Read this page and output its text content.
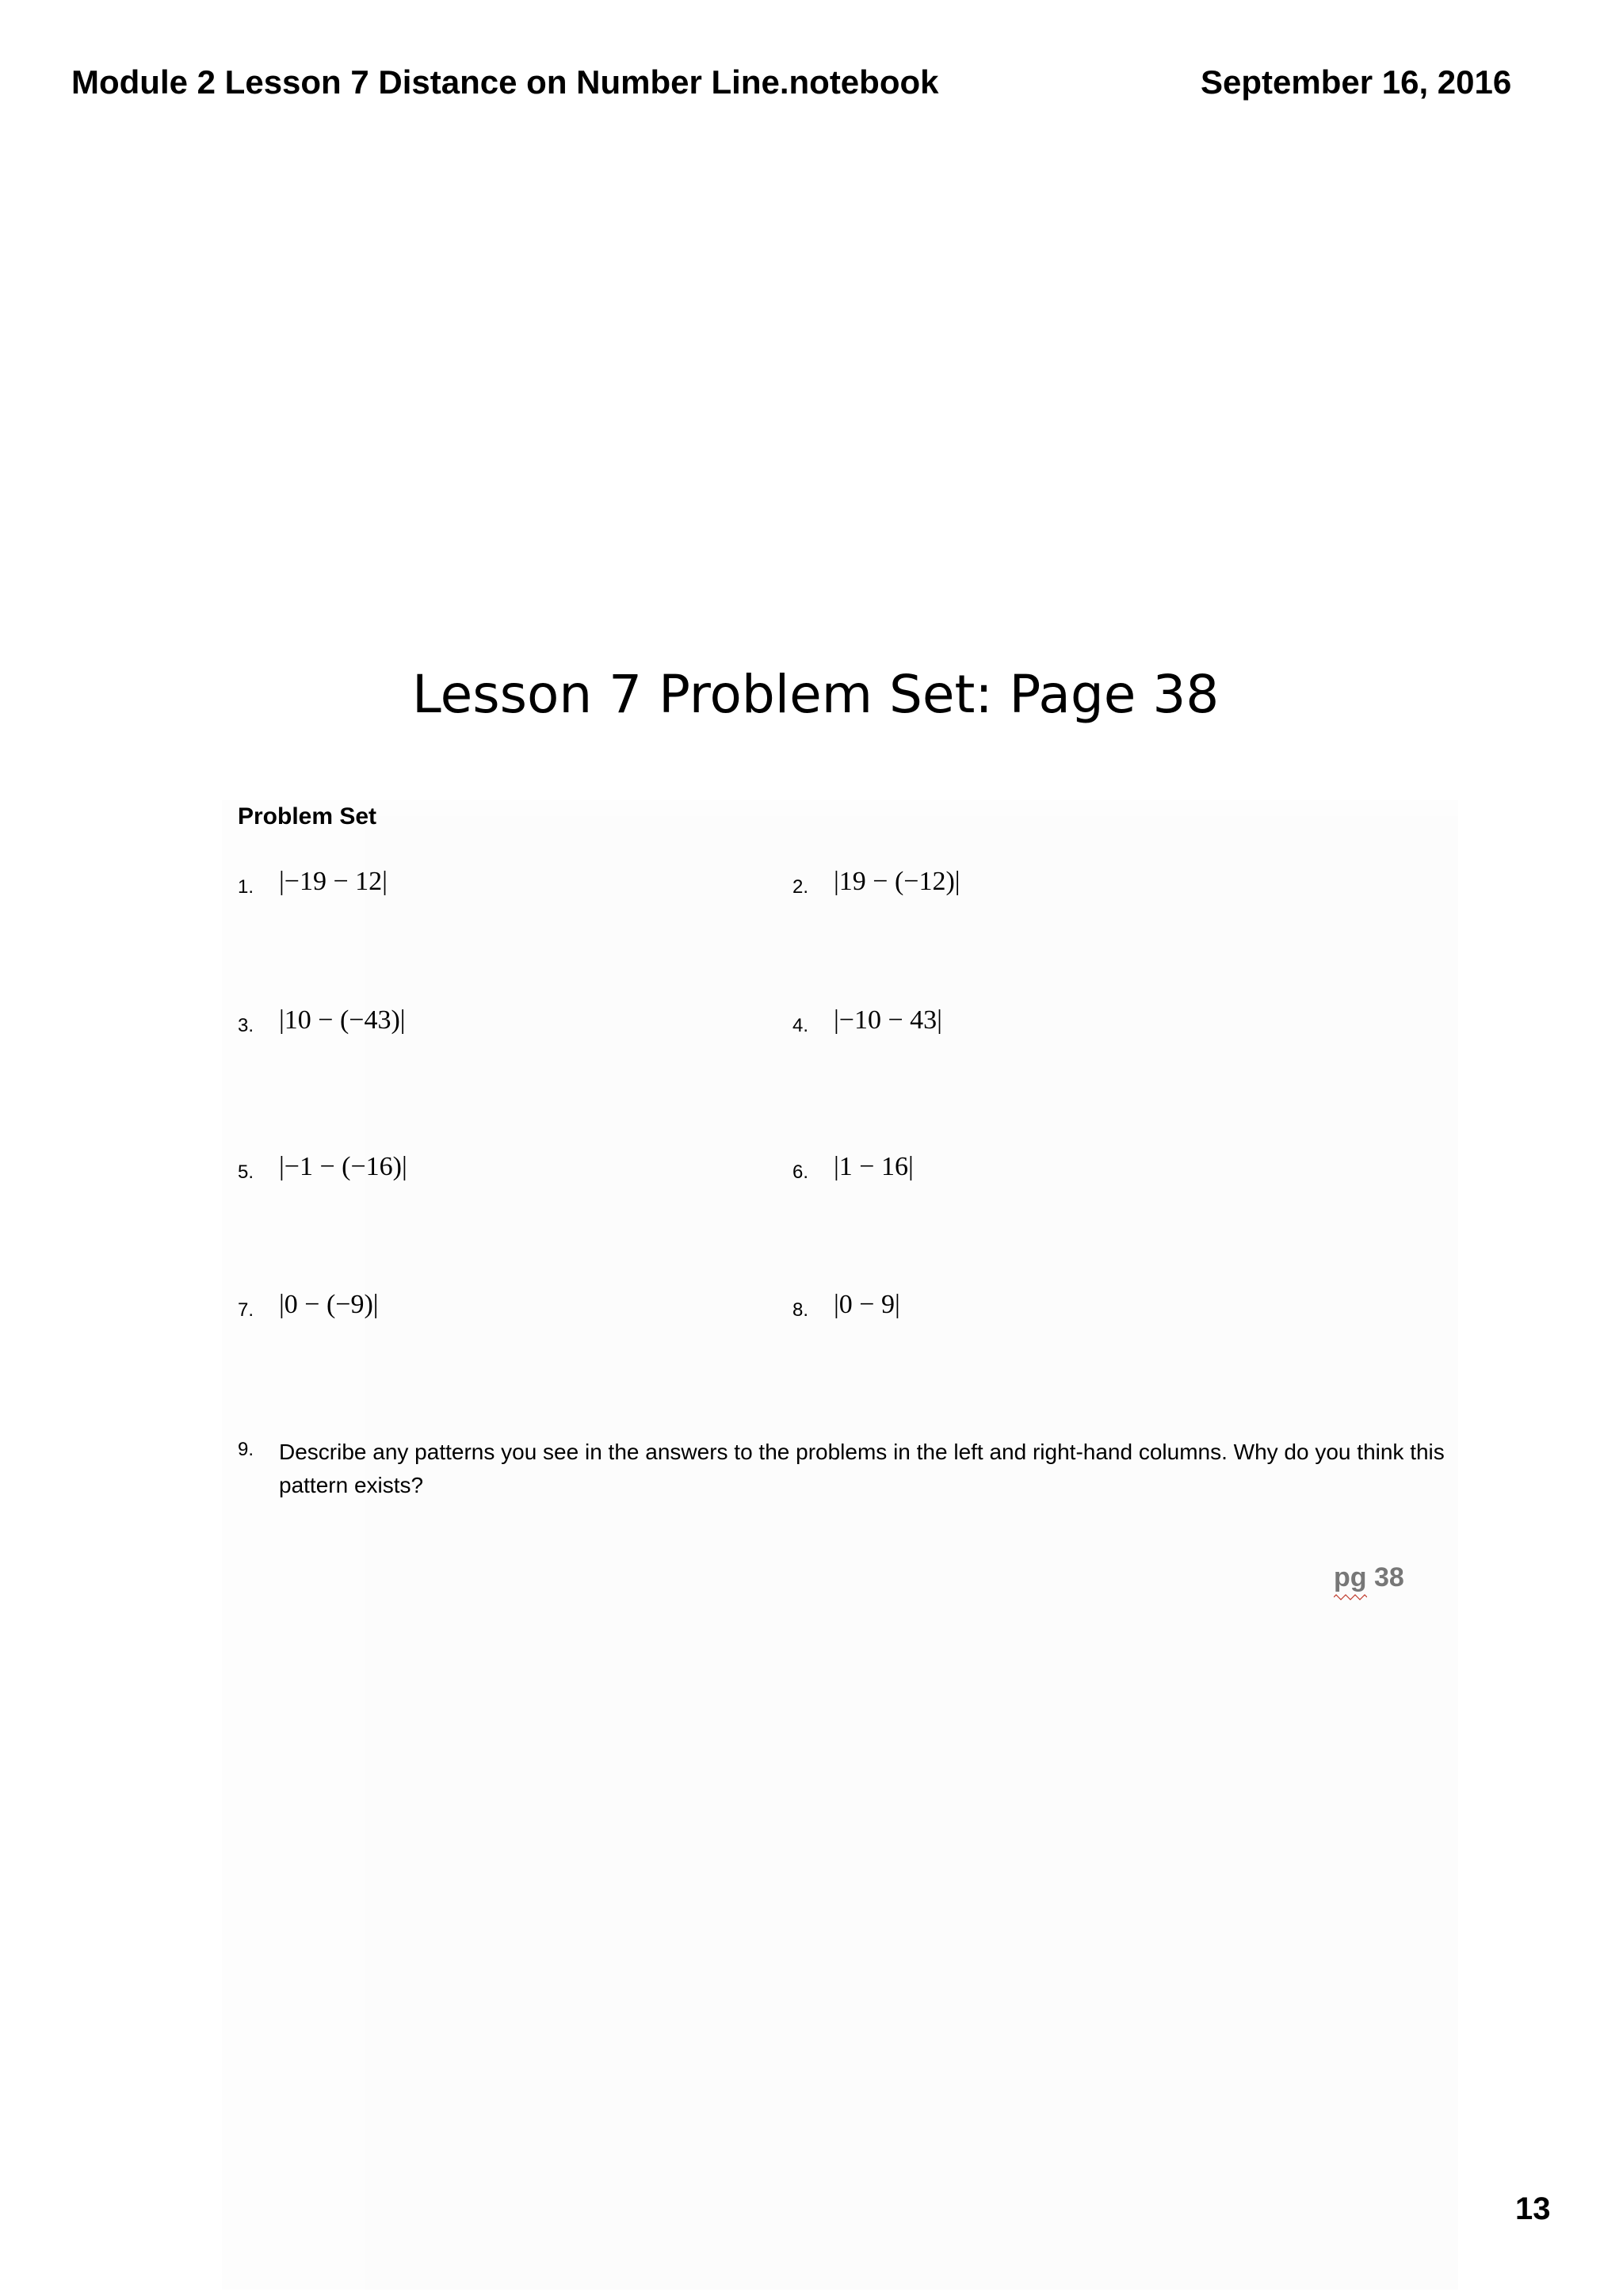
Module 2 Lesson 7 Distance on Number Line.notebook	September 16, 2016
Lesson 7 Problem Set: Page 38
Problem Set
1. |−19 − 12|	2. |19 − (−12)|
3. |10 − (−43)|	4. |−10 − 43|
5. |−1 − (−16)|	6. |1 − 16|
7. |0 − (−9)|	8. |0 − 9|
9. Describe any patterns you see in the answers to the problems in the left and right-hand columns. Why do you think this pattern exists?
pg 38
13
